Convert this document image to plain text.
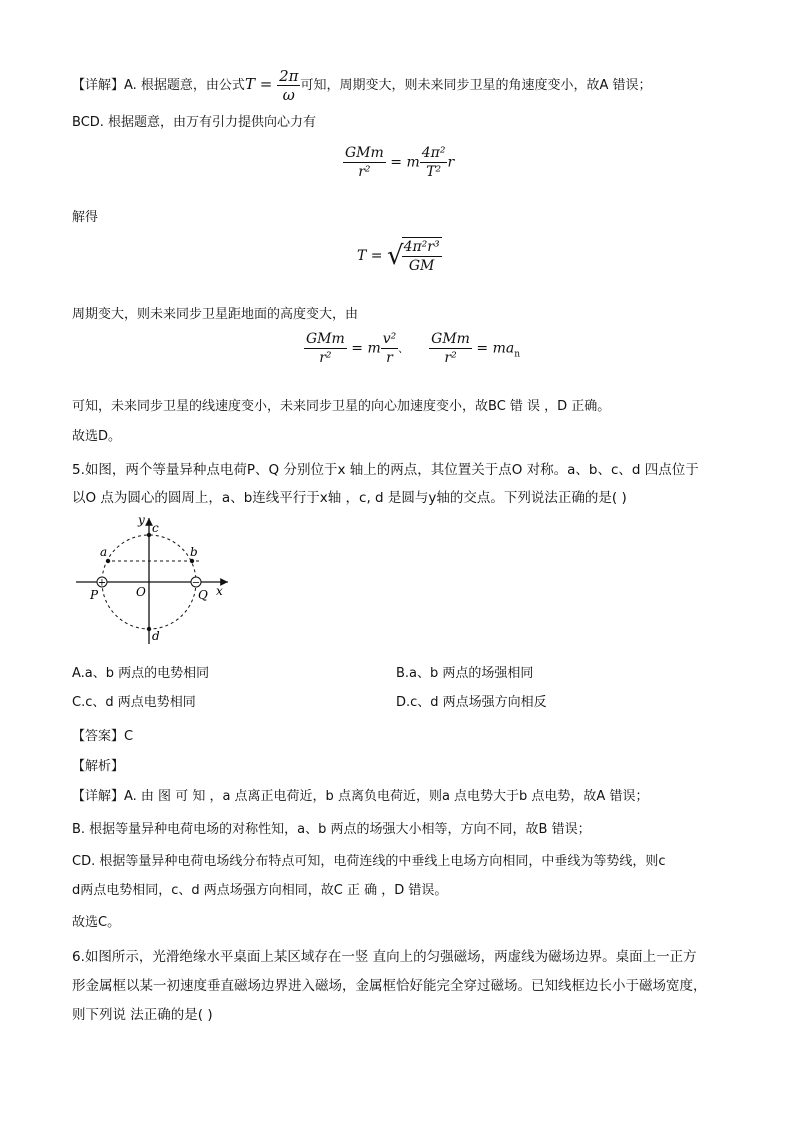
【详解】A. 根据题意，由公式$T = \frac{2\pi}{\omega}$ 可知，周期变大，则未来同步卫星的角速度变小，故A 错误；
BCD. 根据题意，由万有引力提供向心力有
$\frac{\text{GMm}}{\text{r²}} = m \frac{\text{4π²}}{\text{T²}}$ r
解得
T = √
$\frac{\text{4π²r³}}{GM}$
周期变大，则未来同步卫星距地面的高度变大，由
$\frac{\text{GMm}}{\text{r²}} = m \frac{\text{v²}}{r}$ 、 $\frac{\text{GMm}}{\text{r²}} = ma_n$
可知，未来同步卫星的线速度变小，未来同步卫星的向心加速度变小，故BC 错 误 ，D 正确。
故选D。
5.如图，两个等量异种点电荷P、Q 分别位于x 轴上的两点，其位置关于点O 对称。a、b、c、d 四点位于
以O 点为圆心的圆周上，a、b连线平行于x轴 ，c, d 是圆与y轴的交点。下列说法正确的是( )
+	−
y
x
c
a	b
P	O	Q
d
A.a、b 两点的电势相同	B.a、b 两点的场强相同
C.c、d 两点电势相同	D.c、d 两点场强方向相反
【答案】C
【解析】
【详解】A. 由 图 可 知 ，a 点离正电荷近，b 点离负电荷近，则a 点电势大于b 点电势，故A 错误；
B. 根据等量异种电荷电场的对称性知，a、b 两点的场强大小相等，方向不同，故B 错误；
CD. 根据等量异种电荷电场线分布特点可知，电荷连线的中垂线上电场方向相同，中垂线为等势线，则c
d两点电势相同，c、d 两点场强方向相同，故C 正 确 ，D 错误。
故选C。
6.如图所示，光滑绝缘水平桌面上某区域存在一竖 直向上的匀强磁场，两虚线为磁场边界。桌面上一正方
形金属框以某一初速度垂直磁场边界进入磁场，金属框恰好能完全穿过磁场。已知线框边长小于磁场宽度，
则下列说 法正确的是( )
